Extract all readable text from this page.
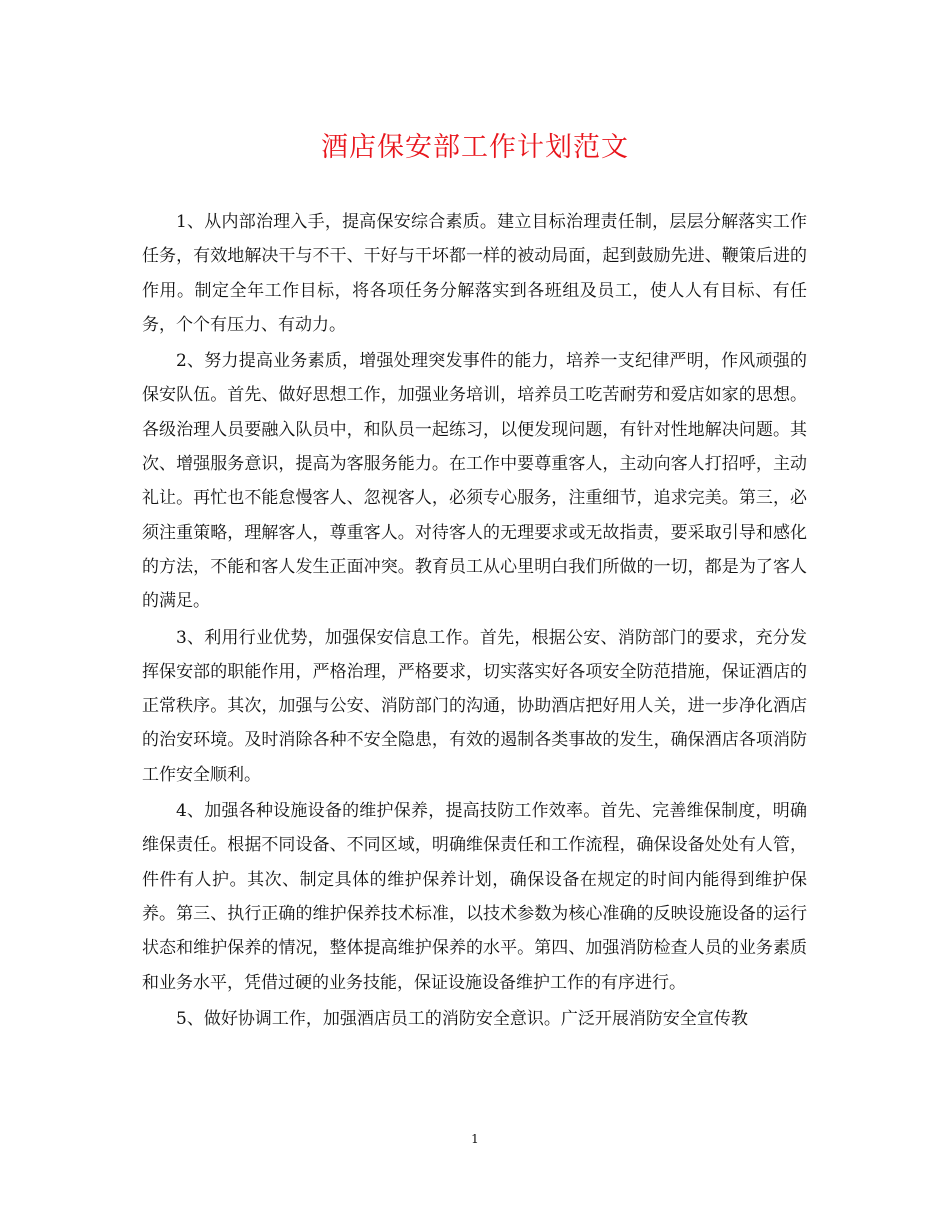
酒店保安部工作计划范文

1、从内部治理入手，提高保安综合素质。建立目标治理责任制，层层分解落实工作任务，有效地解决干与不干、干好与干坏都一样的被动局面，起到鼓励先进、鞭策后进的作用。制定全年工作目标，将各项任务分解落实到各班组及员工，使人人有目标、有任务，个个有压力、有动力。

2、努力提高业务素质，增强处理突发事件的能力，培养一支纪律严明，作风顽强的保安队伍。首先、做好思想工作，加强业务培训，培养员工吃苦耐劳和爱店如家的思想。各级治理人员要融入队员中，和队员一起练习，以便发现问题，有针对性地解决问题。其次、增强服务意识，提高为客服务能力。在工作中要尊重客人，主动向客人打招呼，主动礼让。再忙也不能怠慢客人、忽视客人，必须专心服务，注重细节，追求完美。第三，必须注重策略，理解客人，尊重客人。对待客人的无理要求或无故指责，要采取引导和感化的方法，不能和客人发生正面冲突。教育员工从心里明白我们所做的一切，都是为了客人的满足。

3、利用行业优势，加强保安信息工作。首先，根据公安、消防部门的要求，充分发挥保安部的职能作用，严格治理，严格要求，切实落实好各项安全防范措施，保证酒店的正常秩序。其次，加强与公安、消防部门的沟通，协助酒店把好用人关，进一步净化酒店的治安环境。及时消除各种不安全隐患，有效的遏制各类事故的发生，确保酒店各项消防工作安全顺利。

4、加强各种设施设备的维护保养，提高技防工作效率。首先、完善维保制度，明确维保责任。根据不同设备、不同区域，明确维保责任和工作流程，确保设备处处有人管，件件有人护。其次、制定具体的维护保养计划，确保设备在规定的时间内能得到维护保养。第三、执行正确的维护保养技术标准，以技术参数为核心准确的反映设施设备的运行状态和维护保养的情况，整体提高维护保养的水平。第四、加强消防检查人员的业务素质和业务水平，凭借过硬的业务技能，保证设施设备维护工作的有序进行。

5、做好协调工作，加强酒店员工的消防安全意识。广泛开展消防安全宣传教

1
